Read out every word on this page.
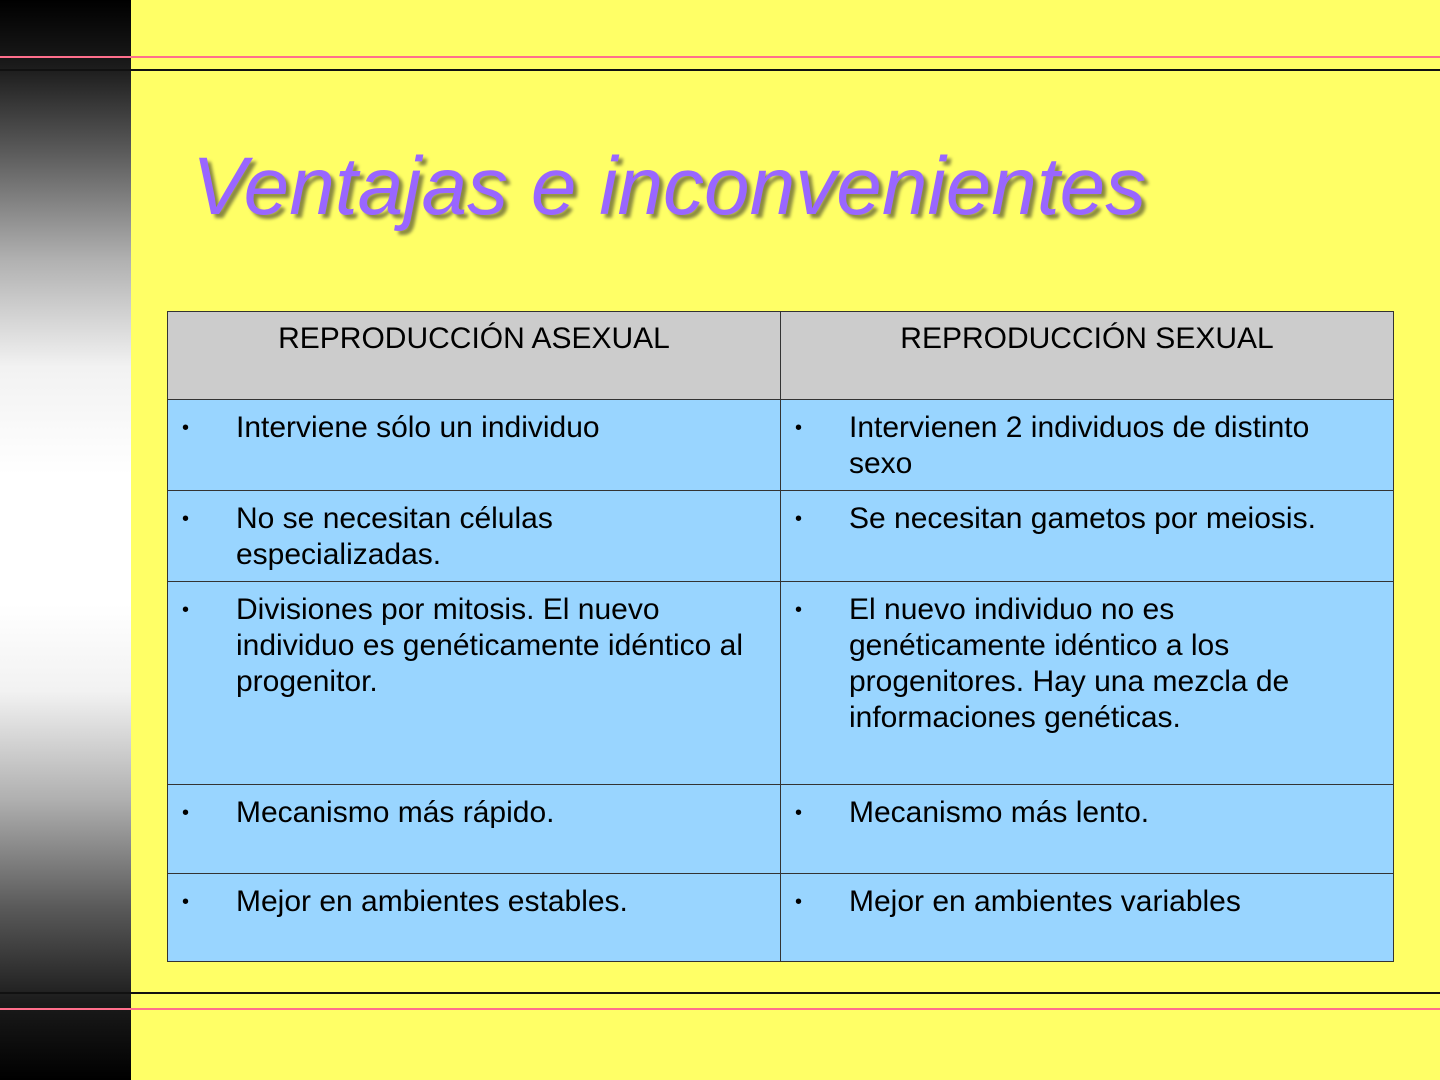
Ventajas e inconvenientes
REPRODUCCIÓN ASEXUAL	REPRODUCCIÓN SEXUAL

• Interviene sólo un individuo	• Intervienen 2 individuos de distinto sexo

• No se necesitan células especializadas.	• Se necesitan gametos por meiosis.

• Divisiones por mitosis. El nuevo individuo es genéticamente idéntico al progenitor.	• El nuevo individuo no es genéticamente idéntico a los progenitores. Hay una mezcla de informaciones genéticas.

• Mecanismo más rápido.	• Mecanismo más lento.

• Mejor en ambientes estables.	• Mejor en ambientes variables
